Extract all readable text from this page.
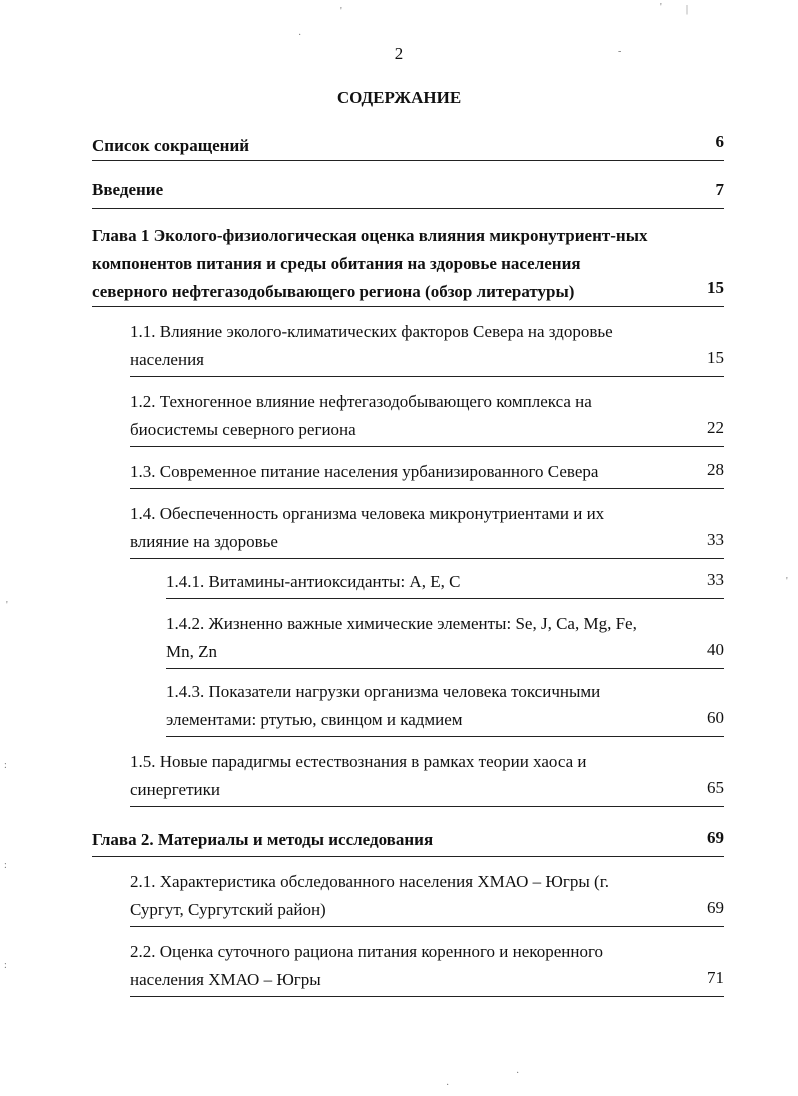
2
СОДЕРЖАНИЕ
Список сокращений	6
Введение	7
Глава 1 Эколого-физиологическая оценка влияния микронутриент-ных компонентов питания и среды обитания на здоровье населения северного нефтегазодобывающего региона (обзор литературы)	15
1.1. Влияние эколого-климатических факторов Севера на здоровье населения	15
1.2. Техногенное влияние нефтегазодобывающего комплекса на биосистемы северного региона	22
1.3. Современное питание населения урбанизированного Севера	28
1.4. Обеспеченность организма человека микронутриентами и их влияние на здоровье	33
1.4.1. Витамины-антиоксиданты: А, Е, С	33
1.4.2. Жизненно важные химические элементы: Se, J, Ca, Mg, Fe, Mn, Zn	40
1.4.3. Показатели нагрузки организма человека токсичными элементами: ртутью, свинцом и кадмием	60
1.5. Новые парадигмы естествознания в рамках теории хаоса и синергетики	65
Глава 2. Материалы и методы исследования	69
2.1. Характеристика обследованного населения ХМАО – Югры (г. Сургут, Сургутский район)	69
2.2. Оценка суточного рациона питания коренного и некоренного населения ХМАО – Югры	71
'	' |
·
-
'
:
:
:
'
·
·
